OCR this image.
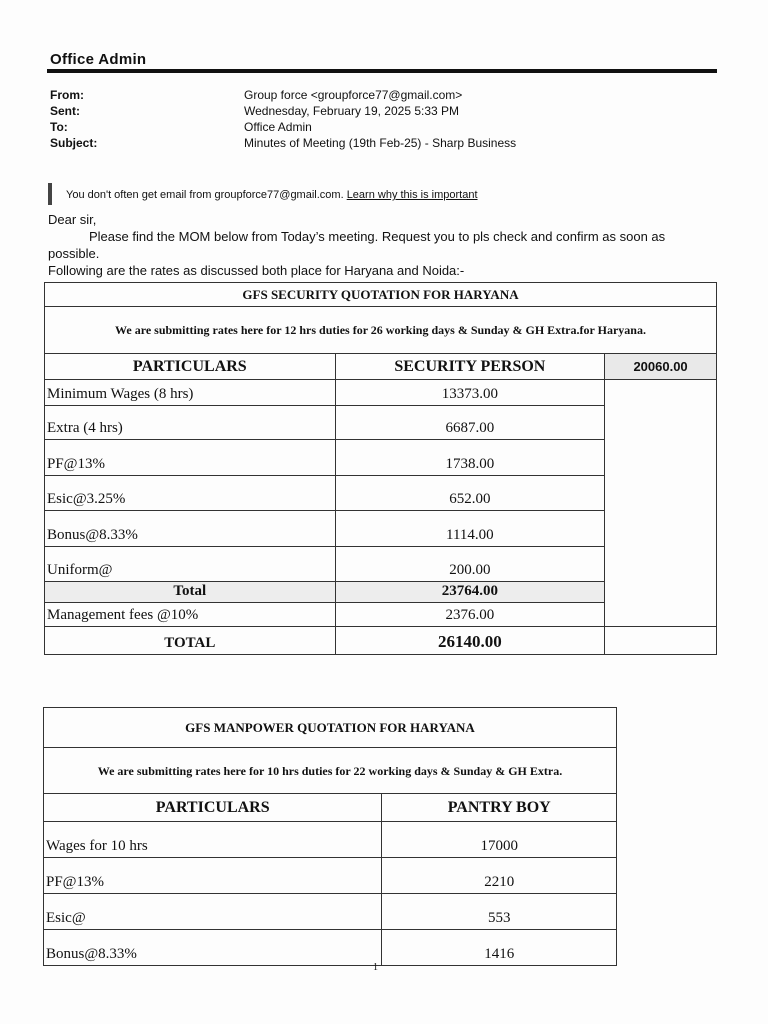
Office Admin
From:	Group force <groupforce77@gmail.com>
Sent:	Wednesday, February 19, 2025 5:33 PM
To:	Office Admin
Subject:	Minutes of Meeting (19th Feb-25) - Sharp Business
You don't often get email from groupforce77@gmail.com. Learn why this is important

Dear sir,

Please find the MOM below from Today’s meeting. Request you to pls check and confirm as soon as possible.

Following are the rates as discussed both place for Haryana and Noida:-

GFS SECURITY QUOTATION FOR HARYANA		
We are submitting rates here for 12 hrs duties for 26 working days & Sunday & GH Extra.for Haryana.		
PARTICULARS	SECURITY PERSON	20060.00
Minimum Wages (8 hrs)	13373.00	
Extra (4 hrs)	6687.00	
PF@13%	1738.00	
Esic@3.25%	652.00	
Bonus@8.33%	1114.00	
Uniform@	200.00	
Total	23764.00	
Management fees @10%	2376.00	
TOTAL	26140.00	
GFS MANPOWER QUOTATION FOR HARYANA	
We are submitting rates here for 10 hrs duties for 22 working days & Sunday & GH Extra.	
PARTICULARS	PANTRY BOY
Wages for 10 hrs	17000
PF@13%	2210
Esic@	553
Bonus@8.33%	1416
1
